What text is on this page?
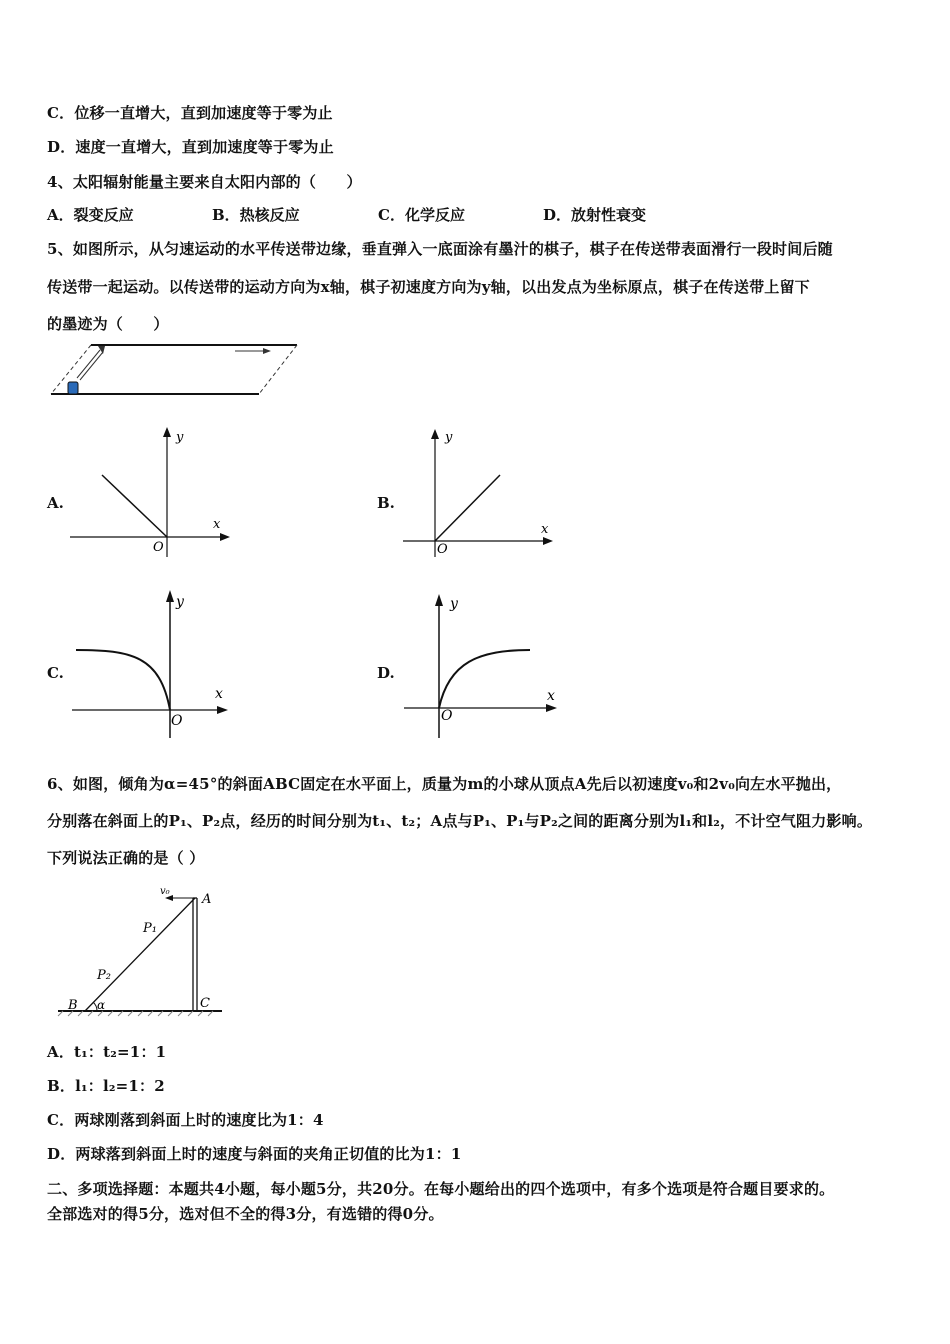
C．位移一直增大，直到加速度等于零为止
D．速度一直增大，直到加速度等于零为止
4、太阳辐射能量主要来自太阳内部的（　　）
A．裂变反应	B．热核反应	C．化学反应	D．放射性衰变
5、如图所示，从匀速运动的水平传送带边缘，垂直弹入一底面涂有墨汁的棋子，棋子在传送带表面滑行一段时间后随
传送带一起运动。以传送带的运动方向为x轴，棋子初速度方向为y轴，以出发点为坐标原点，棋子在传送带上留下
的墨迹为（　　）
A.
y
x
O
B.
y
x
O
C.
y
x
O
D.
y
x
O
6、如图，倾角为α=45°的斜面ABC固定在水平面上，质量为m的小球从顶点A先后以初速度v₀和2v₀向左水平抛出，
分别落在斜面上的P₁、P₂点，经历的时间分别为t₁、t₂；A点与P₁、P₁与P₂之间的距离分别为l₁和l₂，不计空气阻力影响。
下列说法正确的是（ ）
v₀
A
P₁
P₂
B α	C
A．t₁：t₂=1：1
B．l₁：l₂=1：2
C．两球刚落到斜面上时的速度比为1：4
D．两球落到斜面上时的速度与斜面的夹角正切值的比为1：1
二、多项选择题：本题共4小题，每小题5分，共20分。在每小题给出的四个选项中，有多个选项是符合题目要求的。
全部选对的得5分，选对但不全的得3分，有选错的得0分。
